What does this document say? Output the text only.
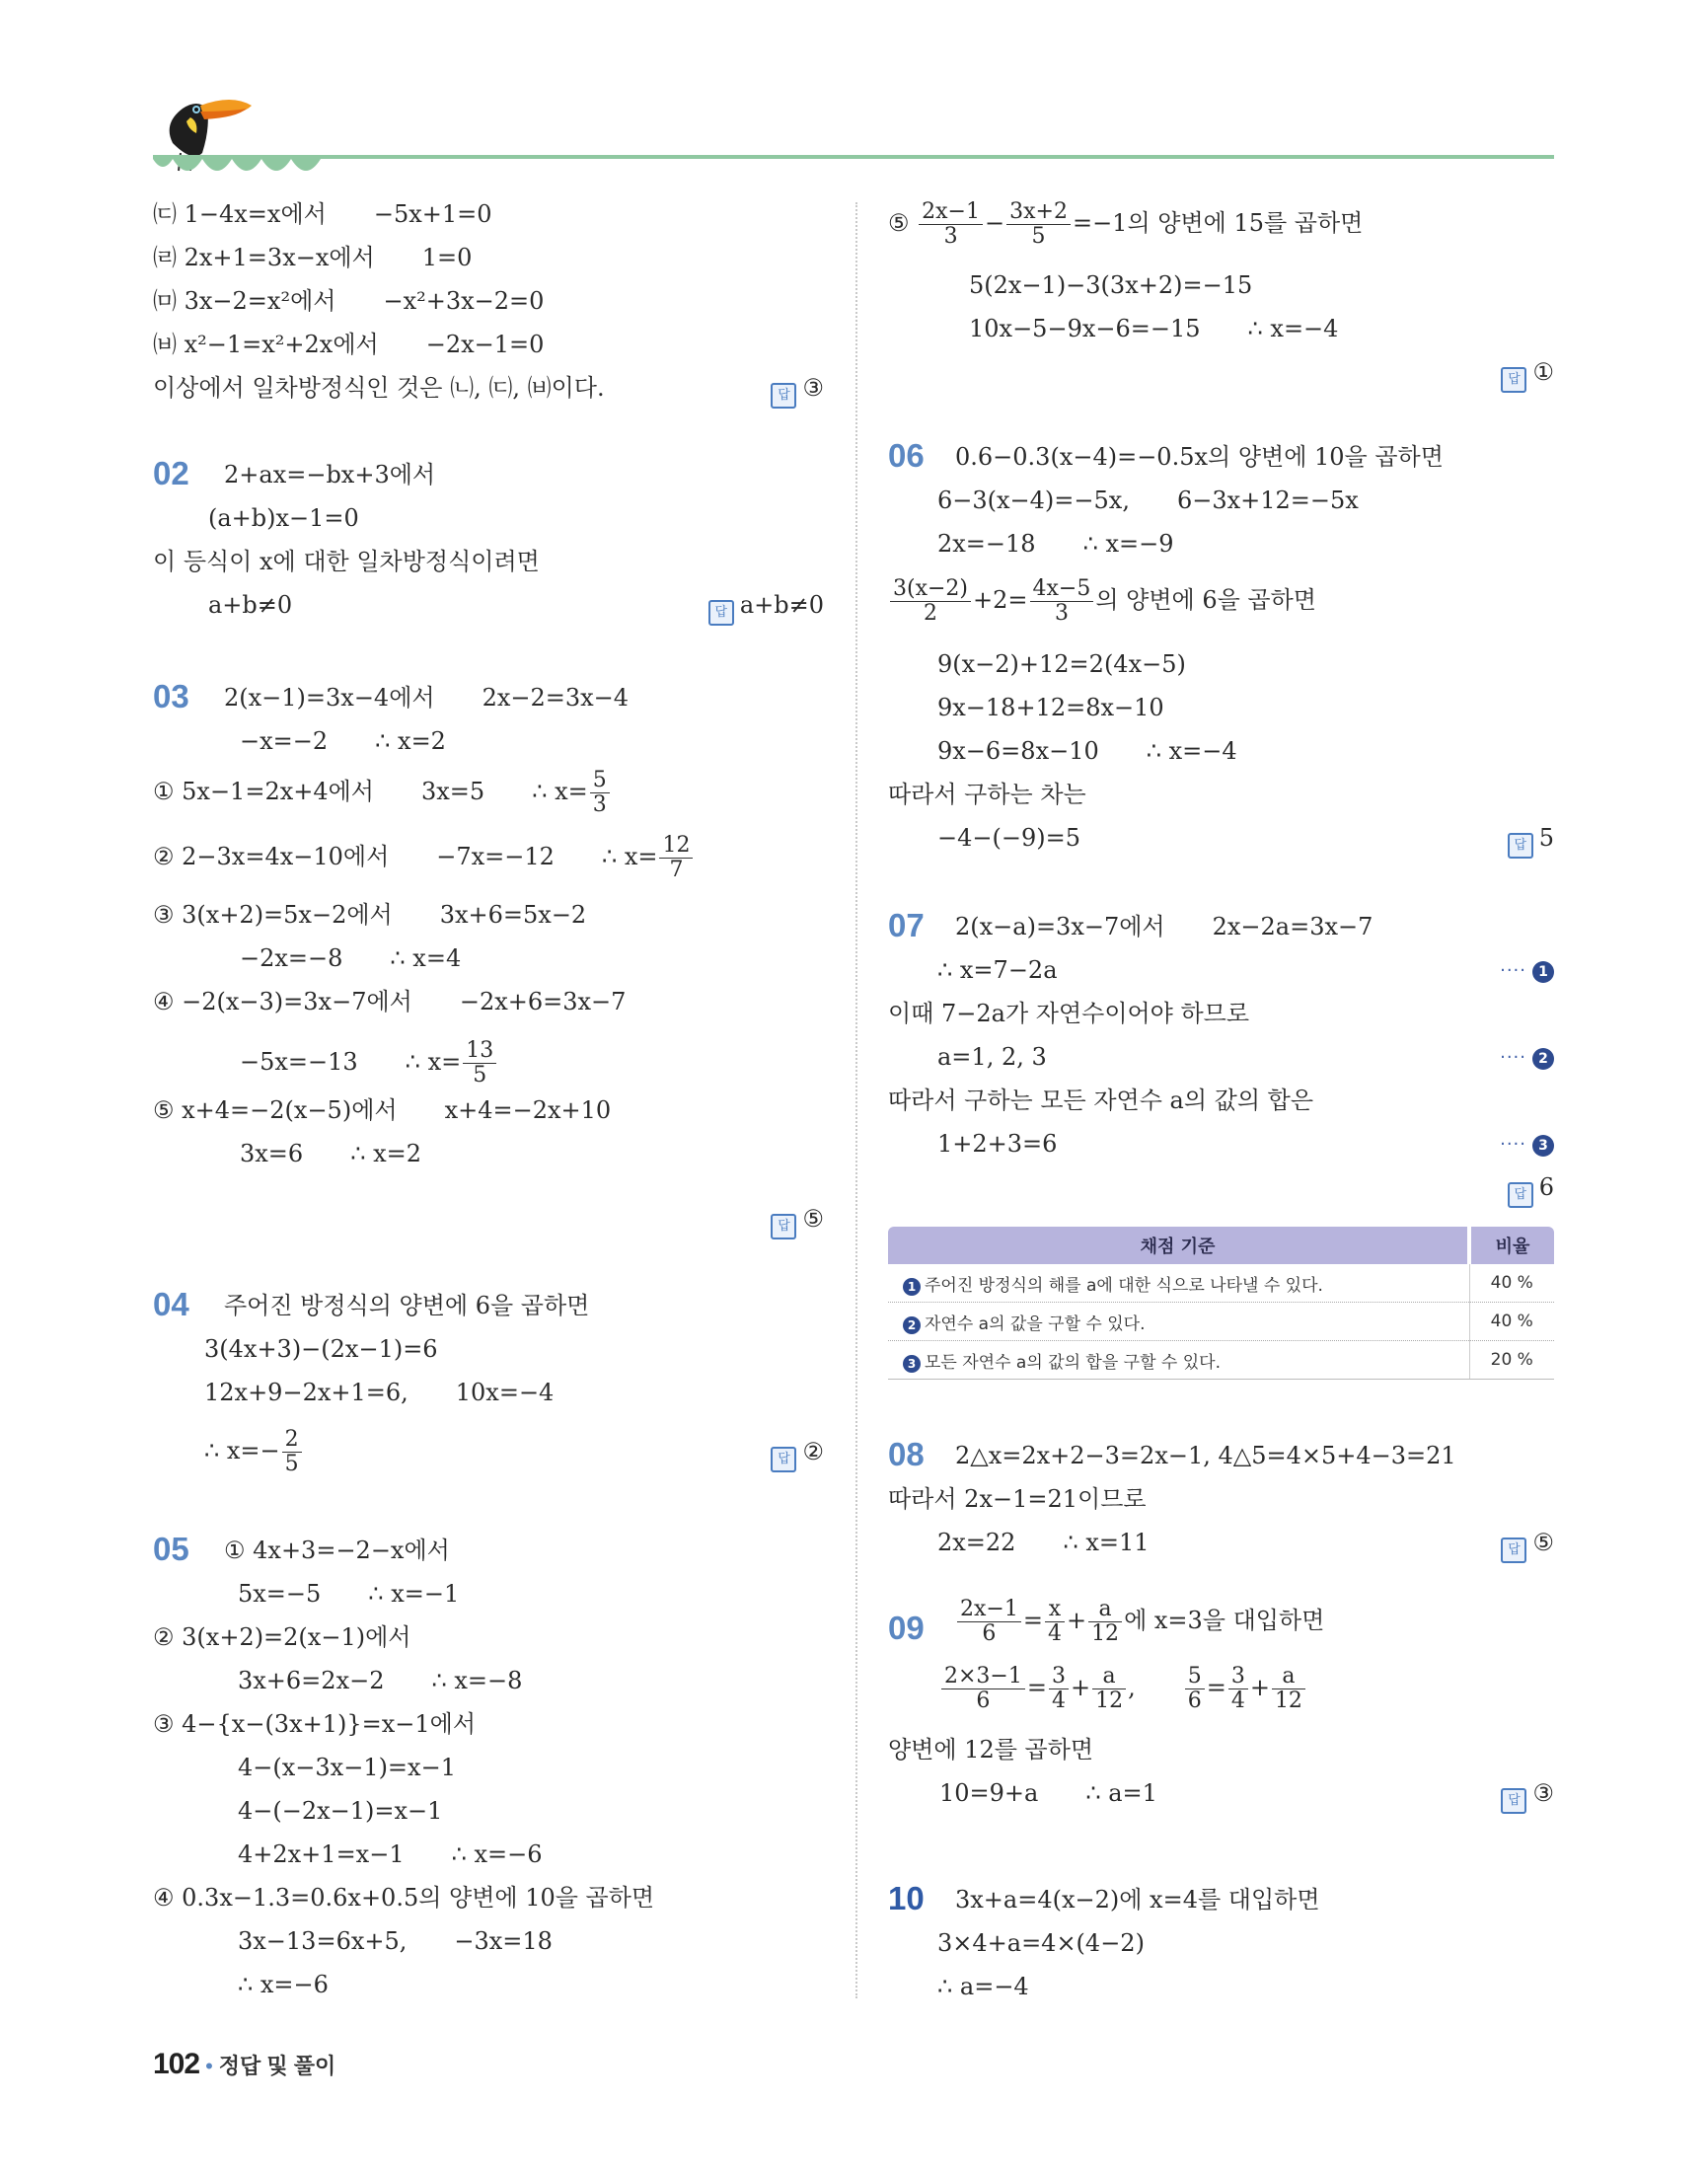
㈂ 1−4x=x에서 −5x+1=0
㈃ 2x+1=3x−x에서 1=0
㈄ 3x−2=x²에서 −x²+3x−2=0
㈅ x²−1=x²+2x에서 −2x−1=0
이상에서 일차방정식인 것은 ㈁, ㈂, ㈅이다.	답 ③
02 2+ax=−bx+3에서
(a+b)x−1=0
이 등식이 x에 대한 일차방정식이려면
a+b≠0	답 a+b≠0
03 2(x−1)=3x−4에서 2x−2=3x−4
−x=−2 ∴ x=2
① 5x−1=2x+4에서 3x=5 ∴ $x= \frac{5}{3}$
② 2−3x=4x−10에서 −7x=−12 ∴ $x= \frac{12}{7}$
③ 3(x+2)=5x−2에서 3x+6=5x−2
−2x=−8 ∴ x=4
④ −2(x−3)=3x−7에서 −2x+6=3x−7
−5x=−13 ∴ $x= \frac{13}{5}$
⑤ x+4=−2(x−5)에서 x+4=−2x+10
3x=6 ∴ x=2
답 ⑤
04 주어진 방정식의 양변에 6을 곱하면
3(4x+3)−(2x−1)=6
12x+9−2x+1=6, 10x=−4
∴ $x=- \frac{2}{5}$	답 ②
05 ① 4x+3=−2−x에서
5x=−5 ∴ x=−1
② 3(x+2)=2(x−1)에서
3x+6=2x−2 ∴ x=−8
③ 4−{x−(3x+1)}=x−1에서
4−(x−3x−1)=x−1
4−(−2x−1)=x−1
4+2x+1=x−1 ∴ x=−6
④ 0.3x−1.3=0.6x+0.5의 양변에 10을 곱하면
3x−13=6x+5, −3x=18
∴ x=−6
⑤ $\frac{2x-1}{3} - \frac{3x+2}{5} =-1$의 양변에 15를 곱하면
5(2x−1)−3(3x+2)=−15
10x−5−9x−6=−15 ∴ x=−4
답 ①
06 0.6−0.3(x−4)=−0.5x의 양변에 10을 곱하면
6−3(x−4)=−5x, 6−3x+12=−5x
2x=−18 ∴ x=−9
$\frac{3(x-2)}{2} +2= \frac{4x-5}{3}$ 의 양변에 6을 곱하면
9(x−2)+12=2(4x−5)
9x−18+12=8x−10
9x−6=8x−10 ∴ x=−4
따라서 구하는 차는
−4−(−9)=5	답 5
07 2(x−a)=3x−7에서 2x−2a=3x−7
∴ x=7−2a	···· 1
이때 7−2a가 자연수이어야 하므로
a=1, 2, 3	···· 2
따라서 구하는 모든 자연수 a의 값의 합은
1+2+3=6	···· 3
답 6
채점 기준	비율
1 주어진 방정식의 해를 a에 대한 식으로 나타낼 수 있다.	40 %
2 자연수 a의 값을 구할 수 있다.	40 %
3 모든 자연수 a의 값의 합을 구할 수 있다.	20 %
08 2△x=2x+2−3=2x−1, 4△5=4×5+4−3=21
따라서 2x−1=21이므로
2x=22 ∴ x=11	답 ⑤
$09 \frac{2x-1}{6} = \frac{x}{4} + \frac{a}{12}$ 에 x=3을 대입하면
$\frac{2\times 3-1}{6} = \frac{3}{4} + \frac{a}{12}$ , $\frac{5}{6} = \frac{3}{4} + \frac{a}{12}$
양변에 12를 곱하면
10=9+a ∴ a=1	답 ③
10 3x+a=4(x−2)에 x=4를 대입하면
3×4+a=4×(4−2)
∴ a=−4
102 • 정답 및 풀이
